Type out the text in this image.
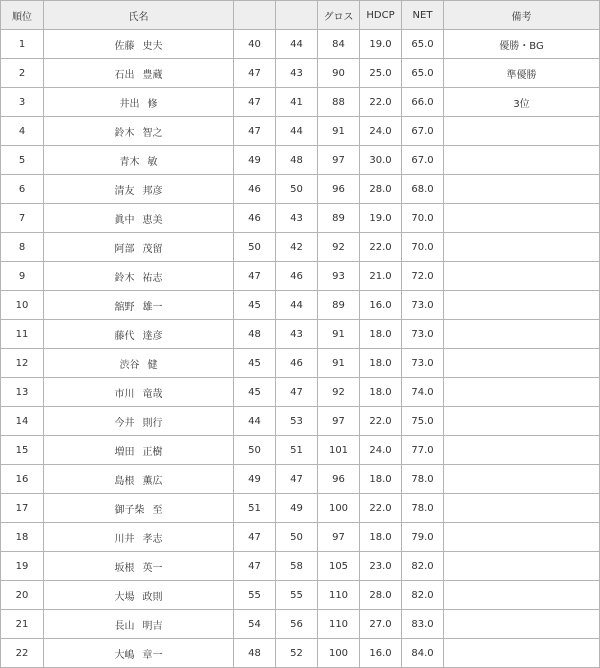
順位	氏名			グロス	HDCP	NET	備考
1	佐藤 史夫	40	44	84	19.0	65.0	優勝・BG
2	石出 豊蔵	47	43	90	25.0	65.0	準優勝
3	井出 修	47	41	88	22.0	66.0	3位
4	鈴木 智之	47	44	91	24.0	67.0	
5	青木 敏	49	48	97	30.0	67.0	
6	清友 邦彦	46	50	96	28.0	68.0	
7	眞中 恵美	46	43	89	19.0	70.0	
8	阿部 茂留	50	42	92	22.0	70.0	
9	鈴木 祐志	47	46	93	21.0	72.0	
10	舘野 雄一	45	44	89	16.0	73.0	
11	藤代 達彦	48	43	91	18.0	73.0	
12	渋谷 健	45	46	91	18.0	73.0	
13	市川 竜哉	45	47	92	18.0	74.0	
14	今井 則行	44	53	97	22.0	75.0	
15	増田 正樹	50	51	101	24.0	77.0	
16	島根 薫広	49	47	96	18.0	78.0	
17	御子柴 至	51	49	100	22.0	78.0	
18	川井 孝志	47	50	97	18.0	79.0	
19	坂根 英一	47	58	105	23.0	82.0	
20	大場 政則	55	55	110	28.0	82.0	
21	長山 明吉	54	56	110	27.0	83.0	
22	大嶋 章一	48	52	100	16.0	84.0	
